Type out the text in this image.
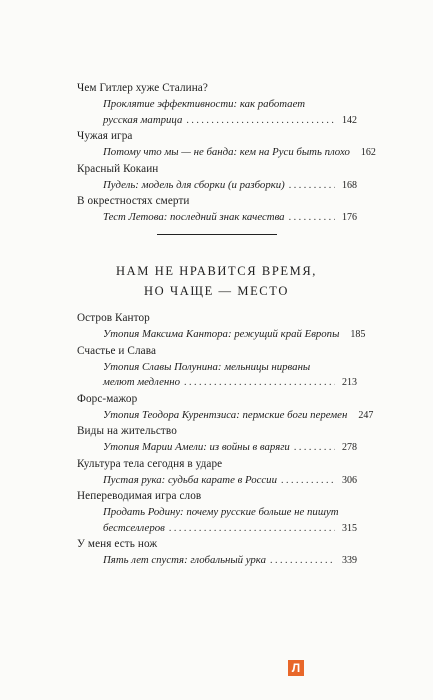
Чем Гитлер хуже Сталина?
Проклятие эффективности: как работает
русская матрица . . .	142
Чужая игра
Потому что мы — не банда: кем на Руси быть плохо	162
Красный Кокаин
Пудель: модель для сборки (и разборки) . . .	168
В окрестностях смерти
Тест Летова: последний знак качества . . .	176
НАМ НЕ НРАВИТСЯ ВРЕМЯ,
НО ЧАЩЕ — МЕСТО
Остров Кантор
Утопия Максима Кантора: режущий край Европы	185
Счастье и Слава
Утопия Славы Полунина: мельницы нирваны
мелют медленно . . .	213
Форс-мажор
Утопия Теодора Курентзиса: пермские боги перемен	247
Виды на жительство
Утопия Марии Амели: из войны в варяги . . .	278
Культура тела сегодня в ударе
Пустая рука: судьба карате в России . . .	306
Непереводимая игра слов
Продать Родину: почему русские больше не пишут
бестселлеров . . .	315
У меня есть нож
Пять лет спустя: глобальный урка . . .	339
Л
